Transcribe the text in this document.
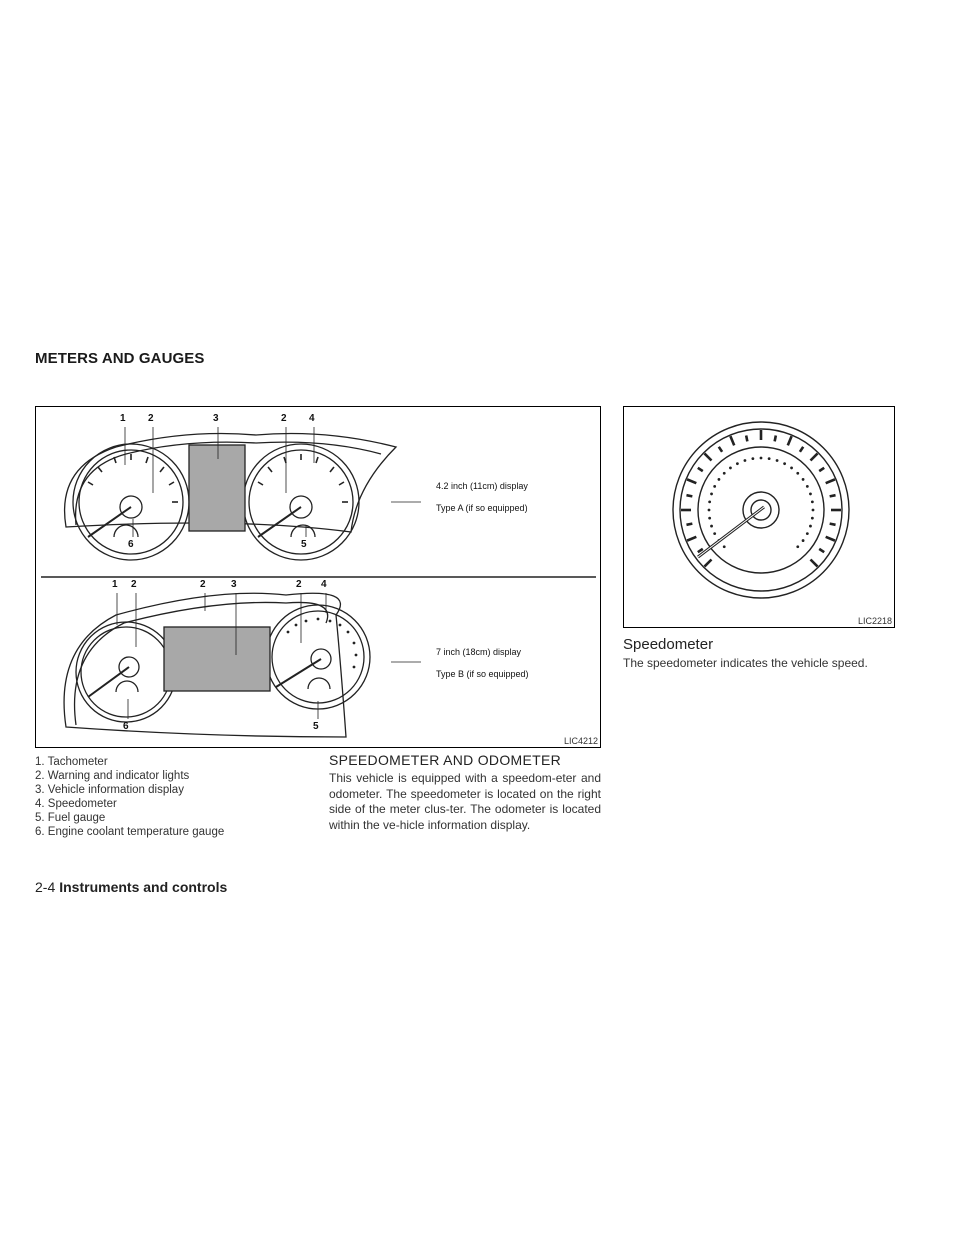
METERS AND GAUGES
1 2	3	2 4
6	5
1 2	2	3	2 4
6	5
4.2 inch (11cm) display
Type A (if so equipped)
7 inch (18cm) display
Type B (if so equipped)
LIC4212
LIC2218
1. Tachometer
2. Warning and indicator lights
3. Vehicle information display
4. Speedometer
5. Fuel gauge
6. Engine coolant temperature gauge
SPEEDOMETER AND ODOMETER

This vehicle is equipped with a speedom-eter and odometer. The speedometer is located on the right side of the meter clus-ter. The odometer is located within the ve-hicle information display.

Speedometer

The speedometer indicates the vehicle speed.

2-4 Instruments and controls
